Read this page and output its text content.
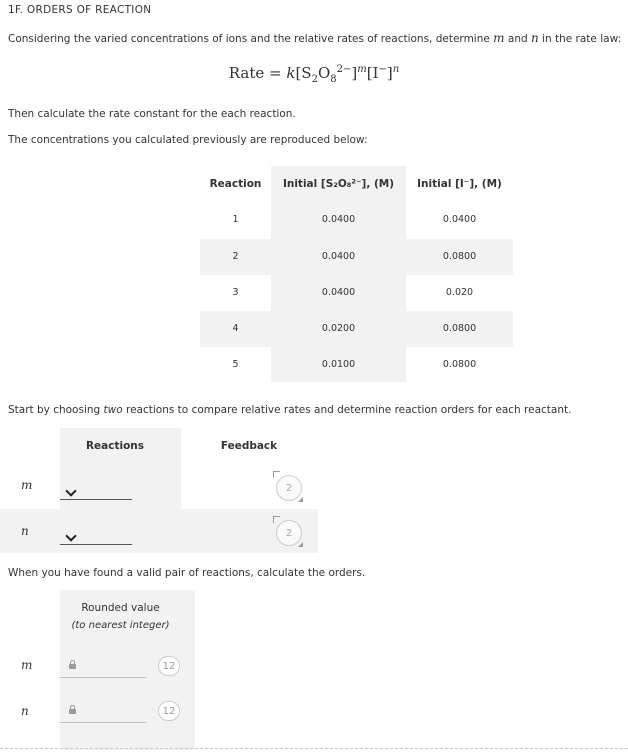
1F. ORDERS OF REACTION
Considering the varied concentrations of ions and the relative rates of reactions, determine m and n in the rate law:
Rate = $k[S_2O_8^{2-}]^m[I^-]^n$
Then calculate the rate constant for the each reaction.
The concentrations you calculated previously are reproduced below:
Reaction	Initial [S₂O₈²⁻], (M)	Initial [I⁻], (M)
1	0.0400	0.0400
2	0.0400	0.0800
3	0.0400	0.020
4	0.0200	0.0800
5	0.0100	0.0800
Start by choosing two reactions to compare relative rates and determine reaction orders for each reactant.
Reactions	Feedback
m	2
n	2
When you have found a valid pair of reactions, calculate the orders.
Rounded value
(to nearest integer)
m	12
n	12
